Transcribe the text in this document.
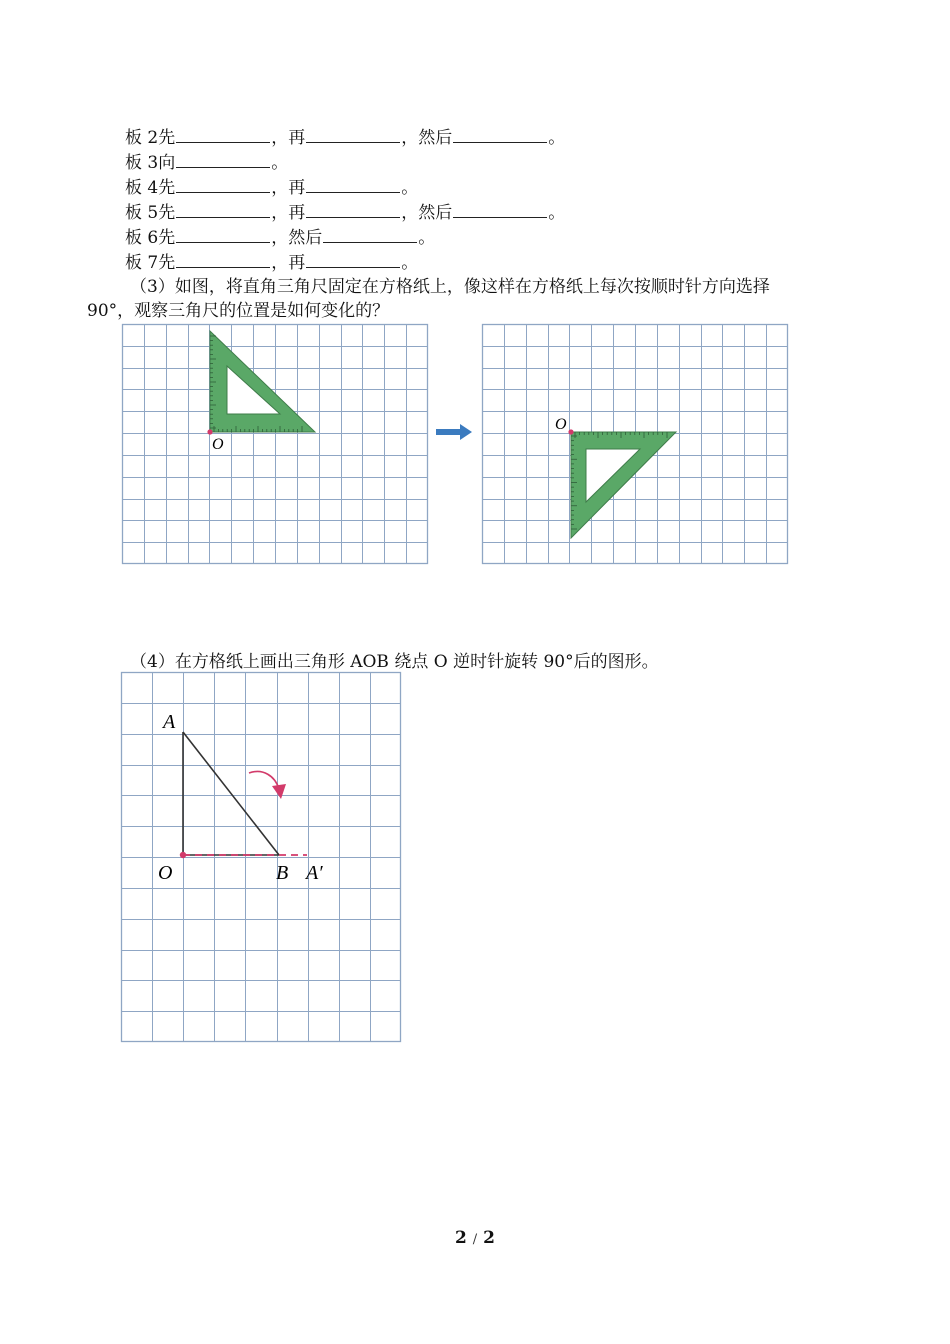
板 2先	，再	，然后	。
板 3向	。
板 4先	，再	。
板 5先	，再	，然后	。
板 6先	，然后	。
板 7先	，再	。
（3）如图，将直角三角尺固定在方格纸上，像这样在方格纸上每次按顺时针方向选择
90°，观察三角尺的位置是如何变化的？
O
O
（4）在方格纸上画出三角形 AOB 绕点 O 逆时针旋转 90°后的图形。
A
O	B A′
2 / 2
